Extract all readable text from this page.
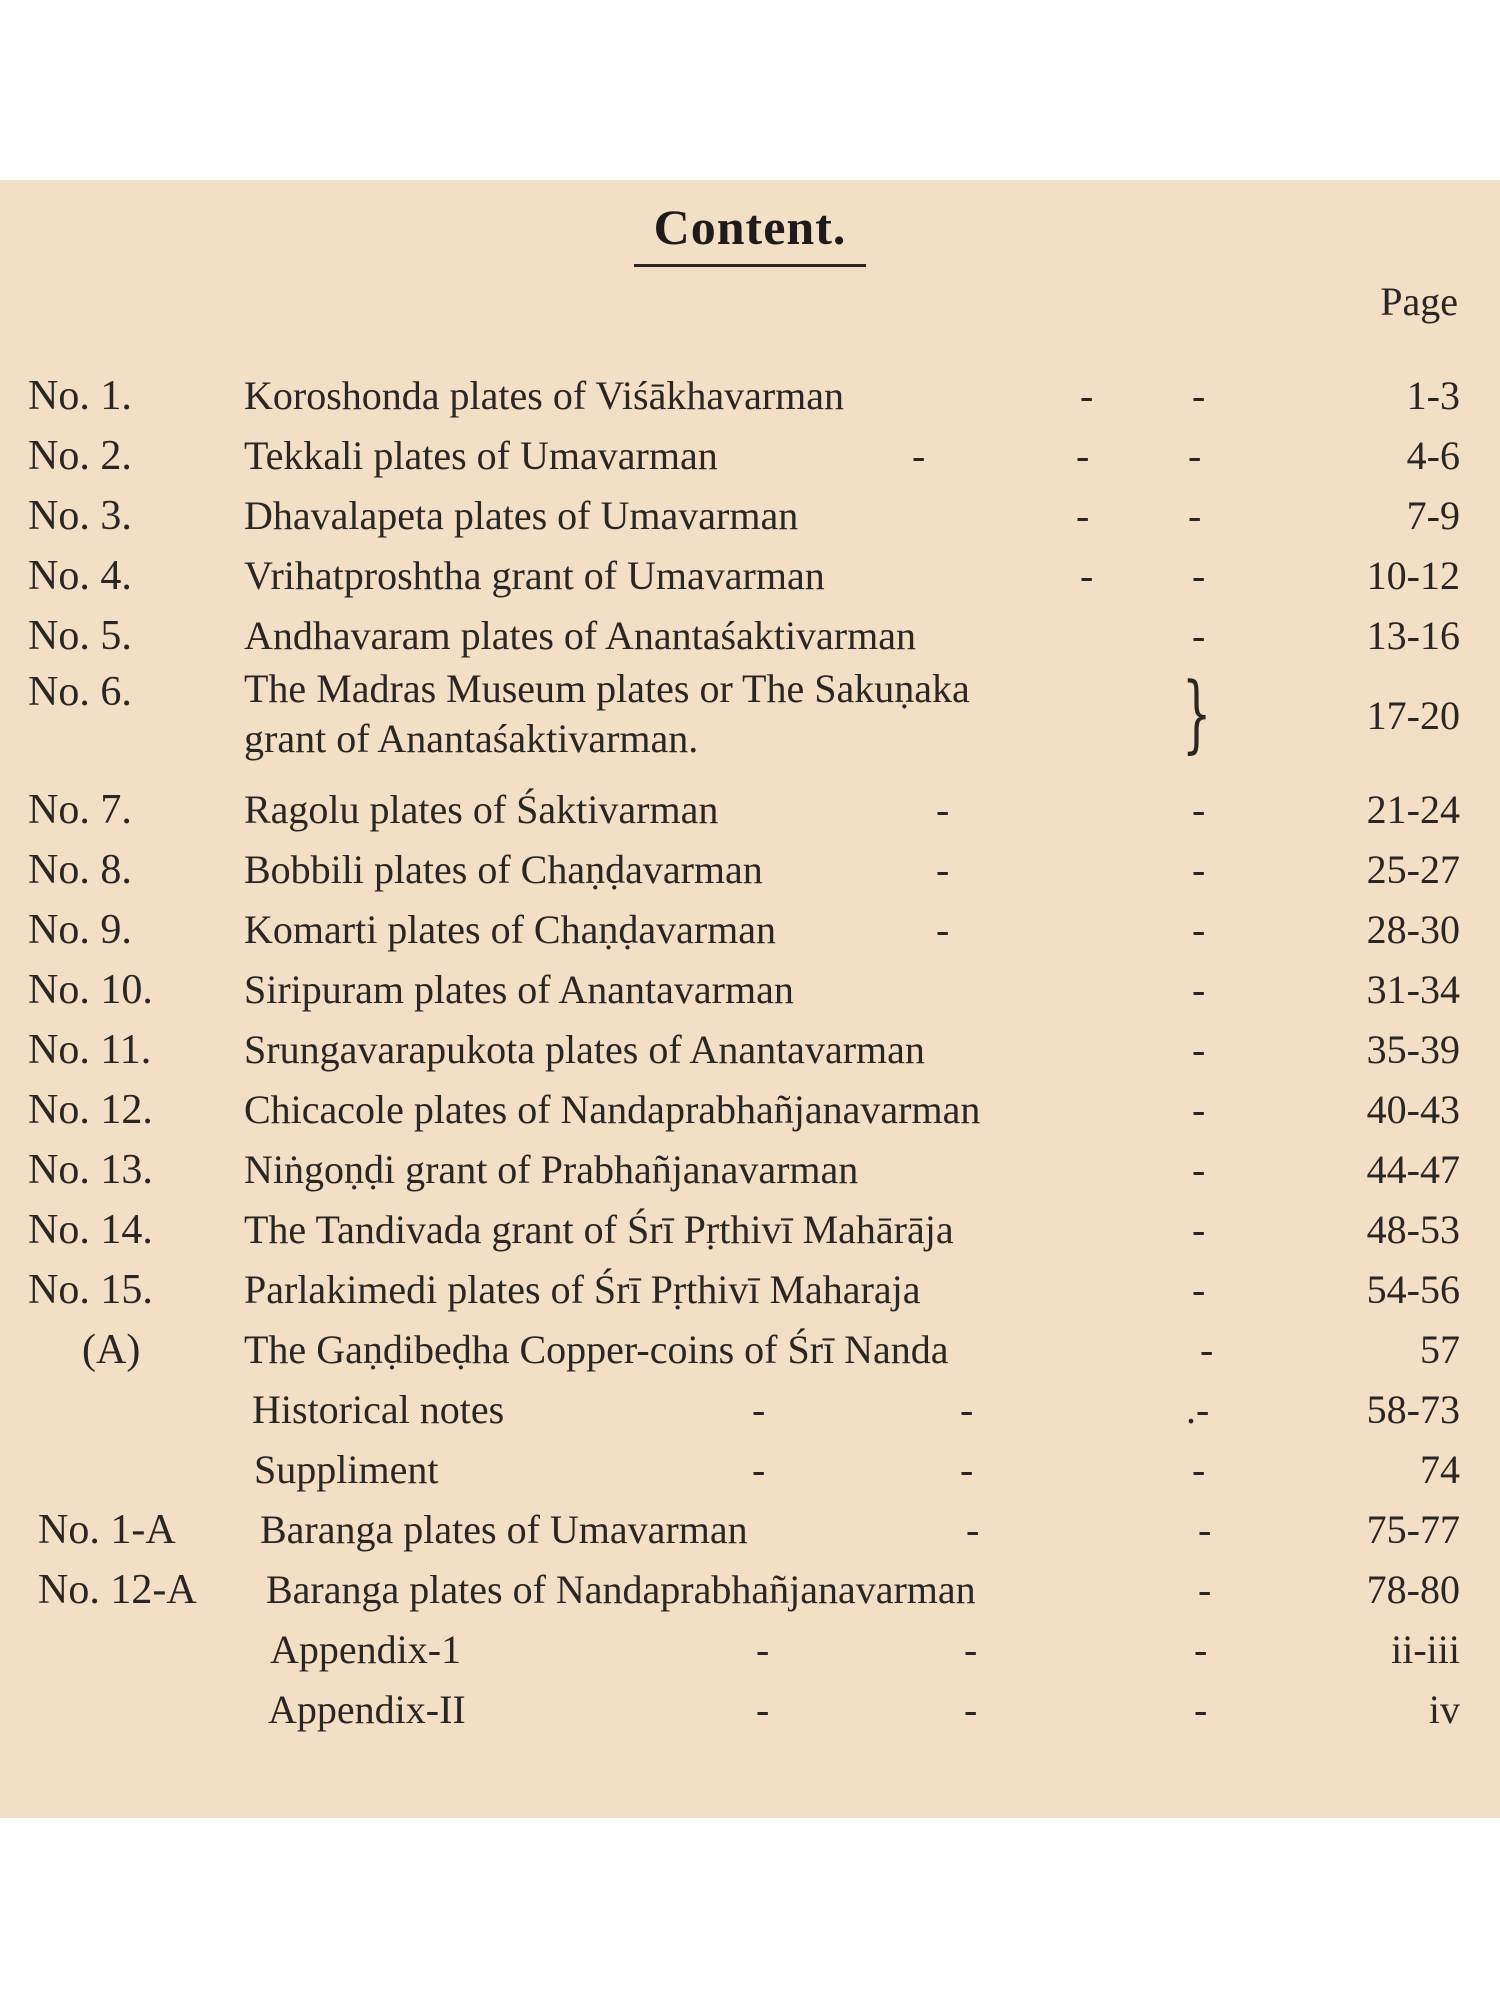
Content.
Page
No. 1.	Koroshonda plates of Viśākhavarman	- -	1-3
No. 2.	Tekkali plates of Umavarman	-	- -	4-6
No. 3.	Dhavalapeta plates of Umavarman	- -	7-9
No. 4.	Vrihatproshtha grant of Umavarman	- -	10-12
No. 5.	Andhavaram plates of Anantaśaktivarman	-	13-16
No. 6.	The Madras Museum plates or The Sakuṇaka
grant of Anantaśaktivarman.	}	17-20
No. 7.	Ragolu plates of Śaktivarman	-	-	21-24
No. 8.	Bobbili plates of Chaṇḍavarman	-	-	25-27
No. 9.	Komarti plates of Chaṇḍavarman	-	-	28-30
No. 10. Siripuram plates of Anantavarman	-	31-34
No. 11. Srungavarapukota plates of Anantavarman	-	35-39
No. 12. Chicacole plates of Nandaprabhañjanavarman	-	40-43
No. 13. Niṅgoṇḍi grant of Prabhañjanavarman	-	44-47
No. 14. The Tandivada grant of Śrī Pṛthivī Mahārāja	-	48-53
No. 15. Parlakimedi plates of Śrī Pṛthivī Maharaja	-	54-56
(A)	The Gaṇḍibeḍha Copper-coins of Śrī Nanda	-	57
Historical notes	-	-	.-	58-73
Suppliment	-	-	-	74
No. 1-A Baranga plates of Umavarman	-	-	75-77
No. 12-A Baranga plates of Nandaprabhañjanavarman	-	78-80
Appendix-1	-	-	-	ii-iii
Appendix-II	-	-	-	iv
